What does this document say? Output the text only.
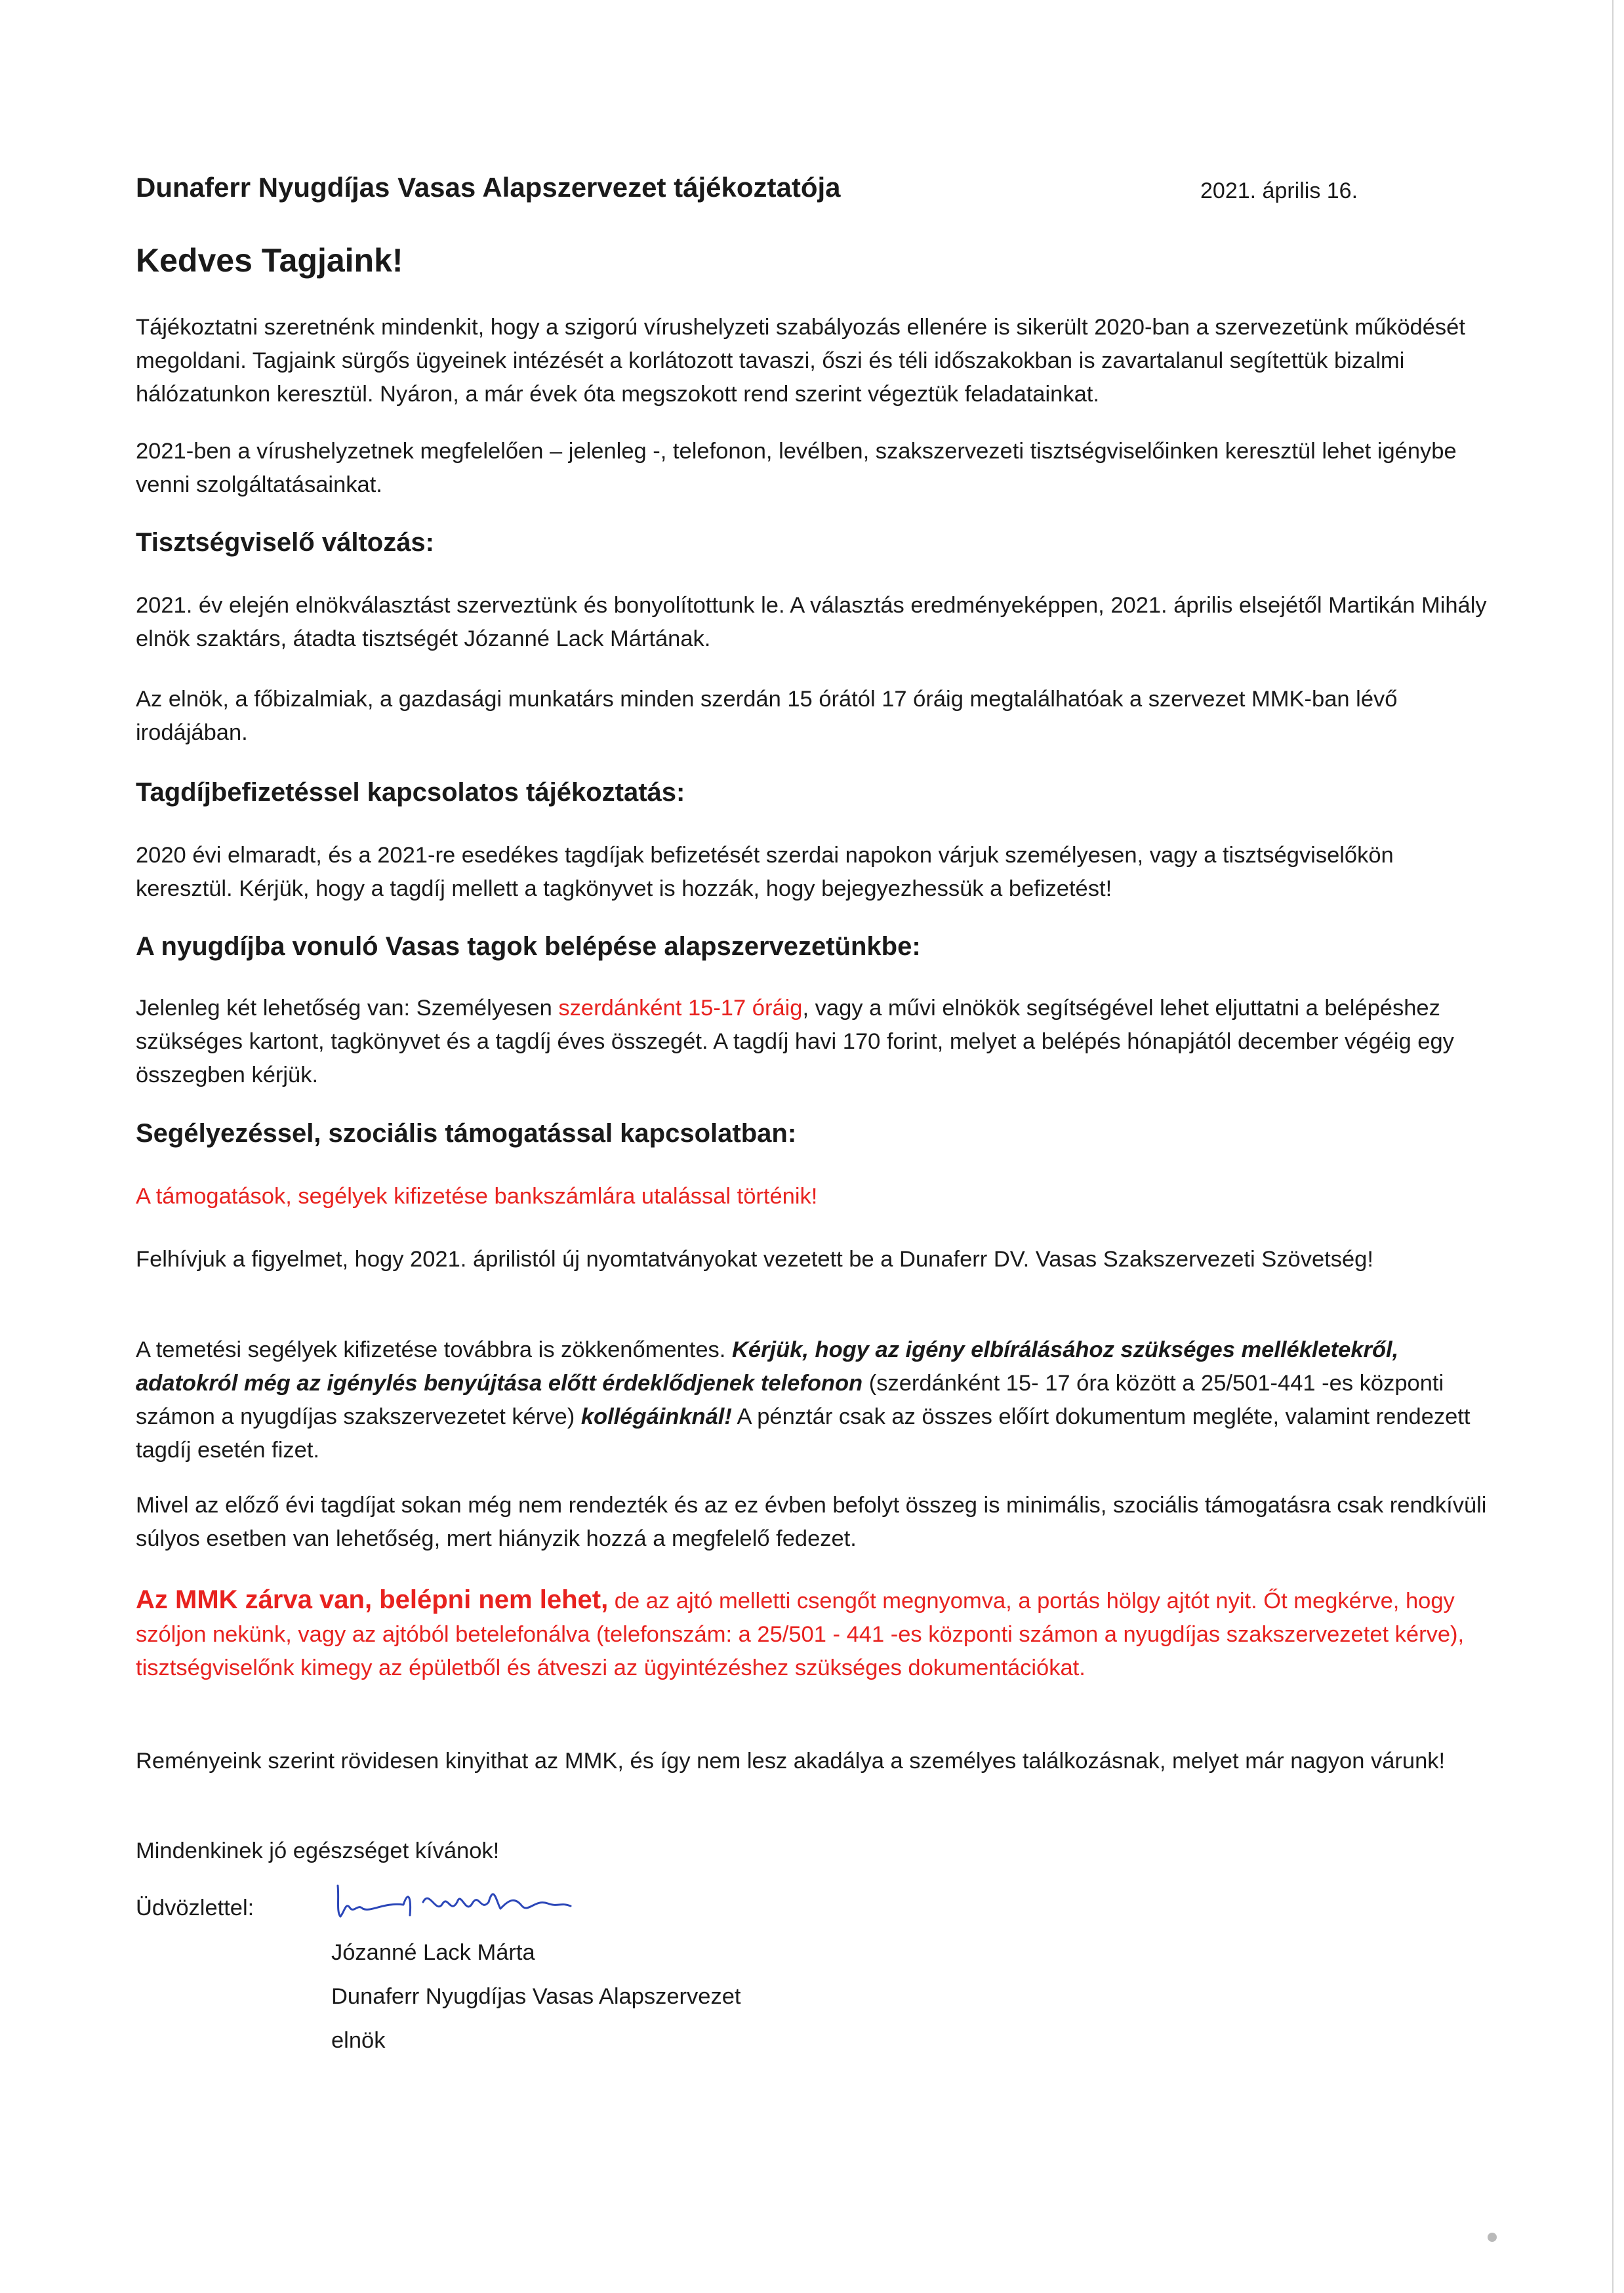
Dunaferr Nyugdíjas Vasas Alapszervezet tájékoztatója	2021. április 16.

Kedves Tagjaink!

Tájékoztatni szeretnénk mindenkit, hogy a szigorú vírushelyzeti szabályozás ellenére is sikerült 2020-ban a szervezetünk működését megoldani. Tagjaink sürgős ügyeinek intézését a korlátozott tavaszi, őszi és téli időszakokban is zavartalanul segítettük bizalmi hálózatunkon keresztül. Nyáron, a már évek óta megszokott rend szerint végeztük feladatainkat.

2021-ben a vírushelyzetnek megfelelően – jelenleg -, telefonon, levélben, szakszervezeti tisztségviselőinken keresztül lehet igénybe venni szolgáltatásainkat.

Tisztségviselő változás:

2021. év elején elnökválasztást szerveztünk és bonyolítottunk le. A választás eredményeképpen, 2021. április elsejétől Martikán Mihály elnök szaktárs, átadta tisztségét Józanné Lack Mártának.

Az elnök, a főbizalmiak, a gazdasági munkatárs minden szerdán 15 órától 17 óráig megtalálhatóak a szervezet MMK-ban lévő irodájában.

Tagdíjbefizetéssel kapcsolatos tájékoztatás:

2020 évi elmaradt, és a 2021-re esedékes tagdíjak befizetését szerdai napokon várjuk személyesen, vagy a tisztségviselőkön keresztül. Kérjük, hogy a tagdíj mellett a tagkönyvet is hozzák, hogy bejegyezhessük a befizetést!

A nyugdíjba vonuló Vasas tagok belépése alapszervezetünkbe:

Jelenleg két lehetőség van: Személyesen szerdánként 15-17 óráig, vagy a művi elnökök segítségével lehet eljuttatni a belépéshez szükséges kartont, tagkönyvet és a tagdíj éves összegét. A tagdíj havi 170 forint, melyet a belépés hónapjától december végéig egy összegben kérjük.

Segélyezéssel, szociális támogatással kapcsolatban:

A támogatások, segélyek kifizetése bankszámlára utalással történik!

Felhívjuk a figyelmet, hogy 2021. áprilistól új nyomtatványokat vezetett be a Dunaferr DV. Vasas Szakszervezeti Szövetség!

A temetési segélyek kifizetése továbbra is zökkenőmentes. Kérjük, hogy az igény elbírálásához szükséges mellékletekről, adatokról még az igénylés benyújtása előtt érdeklődjenek telefonon (szerdánként 15- 17 óra között a 25/501-441 -es központi számon a nyugdíjas szakszervezetet kérve) kollégáinknál! A pénztár csak az összes előírt dokumentum megléte, valamint rendezett tagdíj esetén fizet.

Mivel az előző évi tagdíjat sokan még nem rendezték és az ez évben befolyt összeg is minimális, szociális támogatásra csak rendkívüli súlyos esetben van lehetőség, mert hiányzik hozzá a megfelelő fedezet.

Az MMK zárva van, belépni nem lehet, de az ajtó melletti csengőt megnyomva, a portás hölgy ajtót nyit. Őt megkérve, hogy szóljon nekünk, vagy az ajtóból betelefonálva (telefonszám: a 25/501 - 441 -es központi számon a nyugdíjas szakszervezetet kérve), tisztségviselőnk kimegy az épületből és átveszi az ügyintézéshez szükséges dokumentációkat.

Reményeink szerint rövidesen kinyithat az MMK, és így nem lesz akadálya a személyes találkozásnak, melyet már nagyon várunk!

Mindenkinek jó egészséget kívánok!

Üdvözlettel:

Józanné Lack Márta

Dunaferr Nyugdíjas Vasas Alapszervezet

elnök
